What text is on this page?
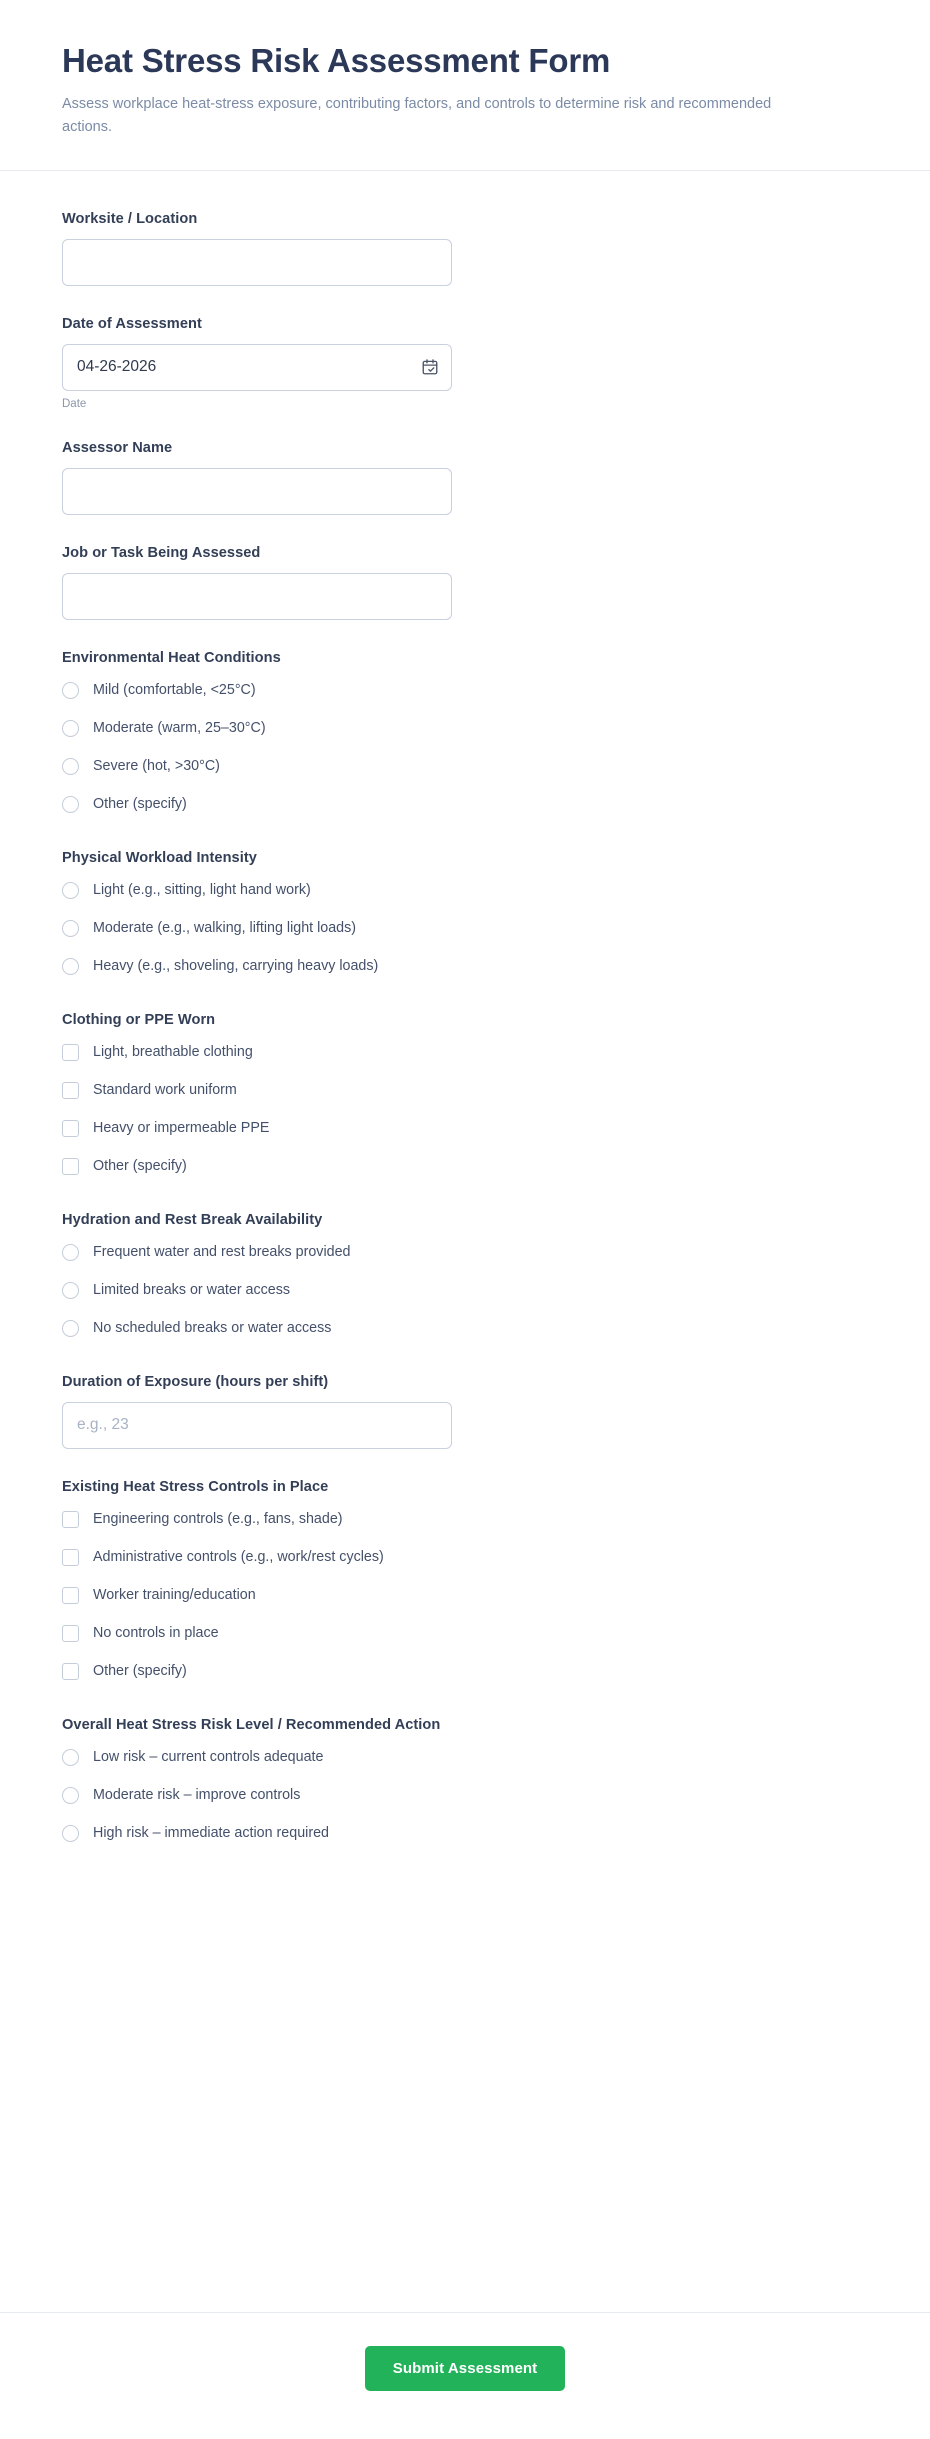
Heat Stress Risk Assessment Form

Assess workplace heat-stress exposure, contributing factors, and controls to determine risk and recommended actions.

Worksite / Location
Date of Assessment
04-26-2026
Date
Assessor Name
Job or Task Being Assessed
Environmental Heat Conditions
Mild (comfortable, <25°C)
Moderate (warm, 25–30°C)
Severe (hot, >30°C)
Other (specify)
Physical Workload Intensity
Light (e.g., sitting, light hand work)
Moderate (e.g., walking, lifting light loads)
Heavy (e.g., shoveling, carrying heavy loads)
Clothing or PPE Worn
Light, breathable clothing
Standard work uniform
Heavy or impermeable PPE
Other (specify)
Hydration and Rest Break Availability
Frequent water and rest breaks provided
Limited breaks or water access
No scheduled breaks or water access
Duration of Exposure (hours per shift)
e.g., 23
Existing Heat Stress Controls in Place
Engineering controls (e.g., fans, shade)
Administrative controls (e.g., work/rest cycles)
Worker training/education
No controls in place
Other (specify)
Overall Heat Stress Risk Level / Recommended Action
Low risk – current controls adequate
Moderate risk – improve controls
High risk – immediate action required
Submit Assessment
